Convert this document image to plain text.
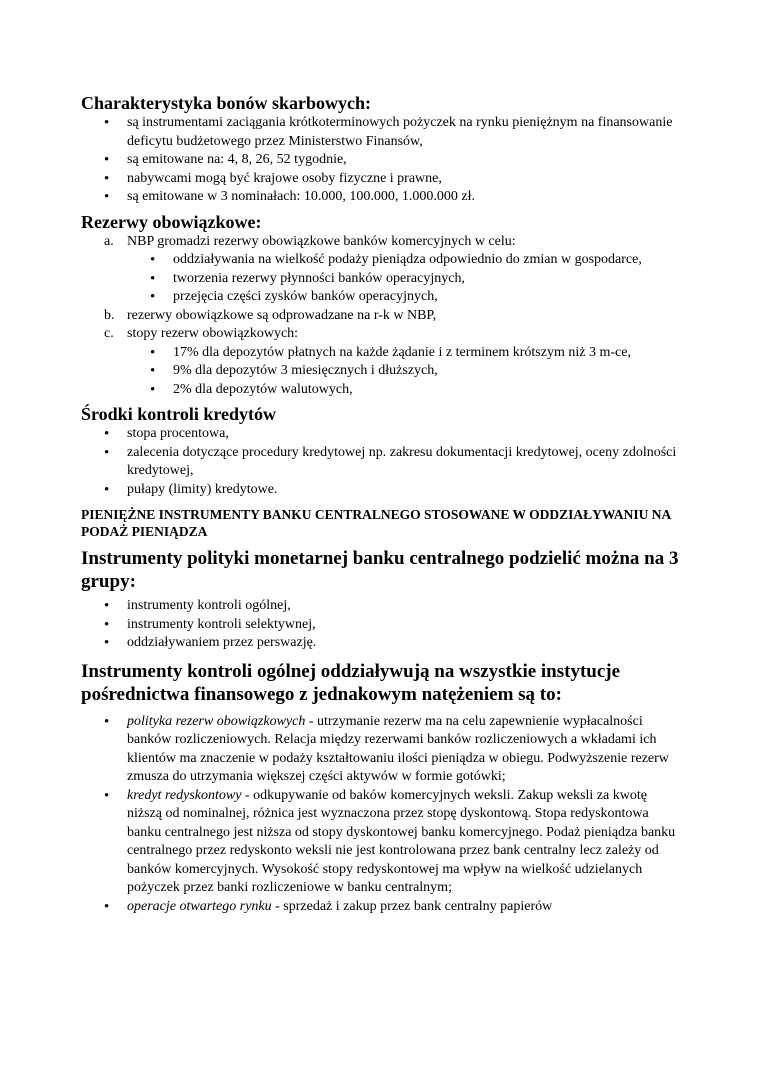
Charakterystyka bonów skarbowych:
• są instrumentami zaciągania krótkoterminowych pożyczek na rynku pieniężnym na finansowanie deficytu budżetowego przez Ministerstwo Finansów,
• są emitowane na: 4, 8, 26, 52 tygodnie,
• nabywcami mogą być krajowe osoby fizyczne i prawne,
• są emitowane w 3 nominałach: 10.000, 100.000, 1.000.000 zł.
Rezerwy obowiązkowe:
a. NBP gromadzi rezerwy obowiązkowe banków komercyjnych w celu:
• oddziaływania na wielkość podaży pieniądza odpowiednio do zmian w gospodarce,
• tworzenia rezerwy płynności banków operacyjnych,
• przejęcia części zysków banków operacyjnych,
b. rezerwy obowiązkowe są odprowadzane na r-k w NBP,
c. stopy rezerw obowiązkowych:
• 17% dla depozytów płatnych na każde żądanie i z terminem krótszym niż 3 m-ce,
• 9% dla depozytów 3 miesięcznych i dłuższych,
• 2% dla depozytów walutowych,
Środki kontroli kredytów
• stopa procentowa,
• zalecenia dotyczące procedury kredytowej np. zakresu dokumentacji kredytowej, oceny zdolności kredytowej,
• pułapy (limity) kredytowe.
PIENIĘŻNE INSTRUMENTY BANKU CENTRALNEGO STOSOWANE W ODDZIAŁYWANIU NA PODAŻ PIENIĄDZA
Instrumenty polityki monetarnej banku centralnego podzielić można na 3 grupy:
• instrumenty kontroli ogólnej,
• instrumenty kontroli selektywnej,
• oddziaływaniem przez perswazję.
Instrumenty kontroli ogólnej oddziaływują na wszystkie instytucje pośrednictwa finansowego z jednakowym natężeniem są to:
• polityka rezerw obowiązkowych - utrzymanie rezerw ma na celu zapewnienie wypłacalności banków rozliczeniowych. Relacja między rezerwami banków rozliczeniowych a wkładami ich klientów ma znaczenie w podaży kształtowaniu ilości pieniądza w obiegu. Podwyższenie rezerw zmusza do utrzymania większej części aktywów w formie gotówki;
• kredyt redyskontowy - odkupywanie od baków komercyjnych weksli. Zakup weksli za kwotę niższą od nominalnej, różnica jest wyznaczona przez stopę dyskontową. Stopa redyskontowa banku centralnego jest niższa od stopy dyskontowej banku komercyjnego. Podaż pieniądza banku centralnego przez redyskonto weksli nie jest kontrolowana przez bank centralny lecz zależy od banków komercyjnych. Wysokość stopy redyskontowej ma wpływ na wielkość udzielanych pożyczek przez banki rozliczeniowe w banku centralnym;
• operacje otwartego rynku - sprzedaż i zakup przez bank centralny papierów
